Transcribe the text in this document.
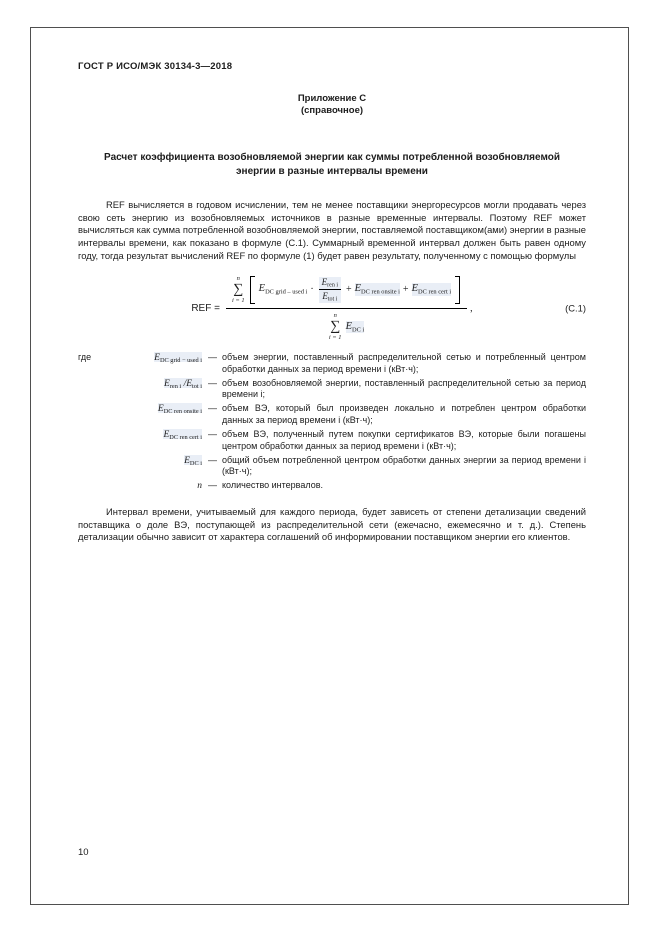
ГОСТ Р ИСО/МЭК 30134-3—2018
Приложение С
(справочное)
Расчет коэффициента возобновляемой энергии как суммы потребленной возобновляемой энергии в разные интервалы времени

REF вычисляется в годовом исчислении, тем не менее поставщики энергоресурсов могли продавать через свою сеть энергию из возобновляемых источников в разные временные интервалы. Поэтому REF может вычисляться как сумма потребленной возобновляемой энергии, поставляемой поставщиком(ами) энергии в разные интервалы времени, как показано в формуле (С.1). Суммарный временной интервал должен быть равен одному году, тогда результат вычислений REF по формуле (1) будет равен результату, полученному с помощью формулы

REF =
n
∑
i = 1
$E_{DC grid - used i}$ ·
$E_{ren i}$
$E_{tot i}$
+ $E_{DC ren onsite i} + E_{DC ren cert i}$
n
∑
i = 1
$E_{DC i}$
,	(С.1)
где	$E_{DC grid - used i}$ — объем энергии, поставленный распределительной сетью и потребленный центром обработки данных за период времени i (кВт·ч);
$E_{ren i}$ $/E_{tot i}$ — объем возобновляемой энергии, поставленный распределительной сетью за период времени i;
$E_{DC ren onsite i}$ — объем ВЭ, который был произведен локально и потреблен центром обработки данных за период времени i (кВт·ч);
$E_{DC ren cert i}$ — объем ВЭ, полученный путем покупки сертификатов ВЭ, которые были погашены центром обработки данных за период времени i (кВт·ч);
$E_{DC i}$ — общий объем потребленной центром обработки данных энергии за период времени i (кВт·ч);
n — количество интервалов.

Интервал времени, учитываемый для каждого периода, будет зависеть от степени детализации сведений поставщика о доле ВЭ, поступающей из распределительной сети (ежечасно, ежемесячно и т. д.). Степень детализации обычно зависит от характера соглашений об информировании поставщиком энергии его клиентов.

10
